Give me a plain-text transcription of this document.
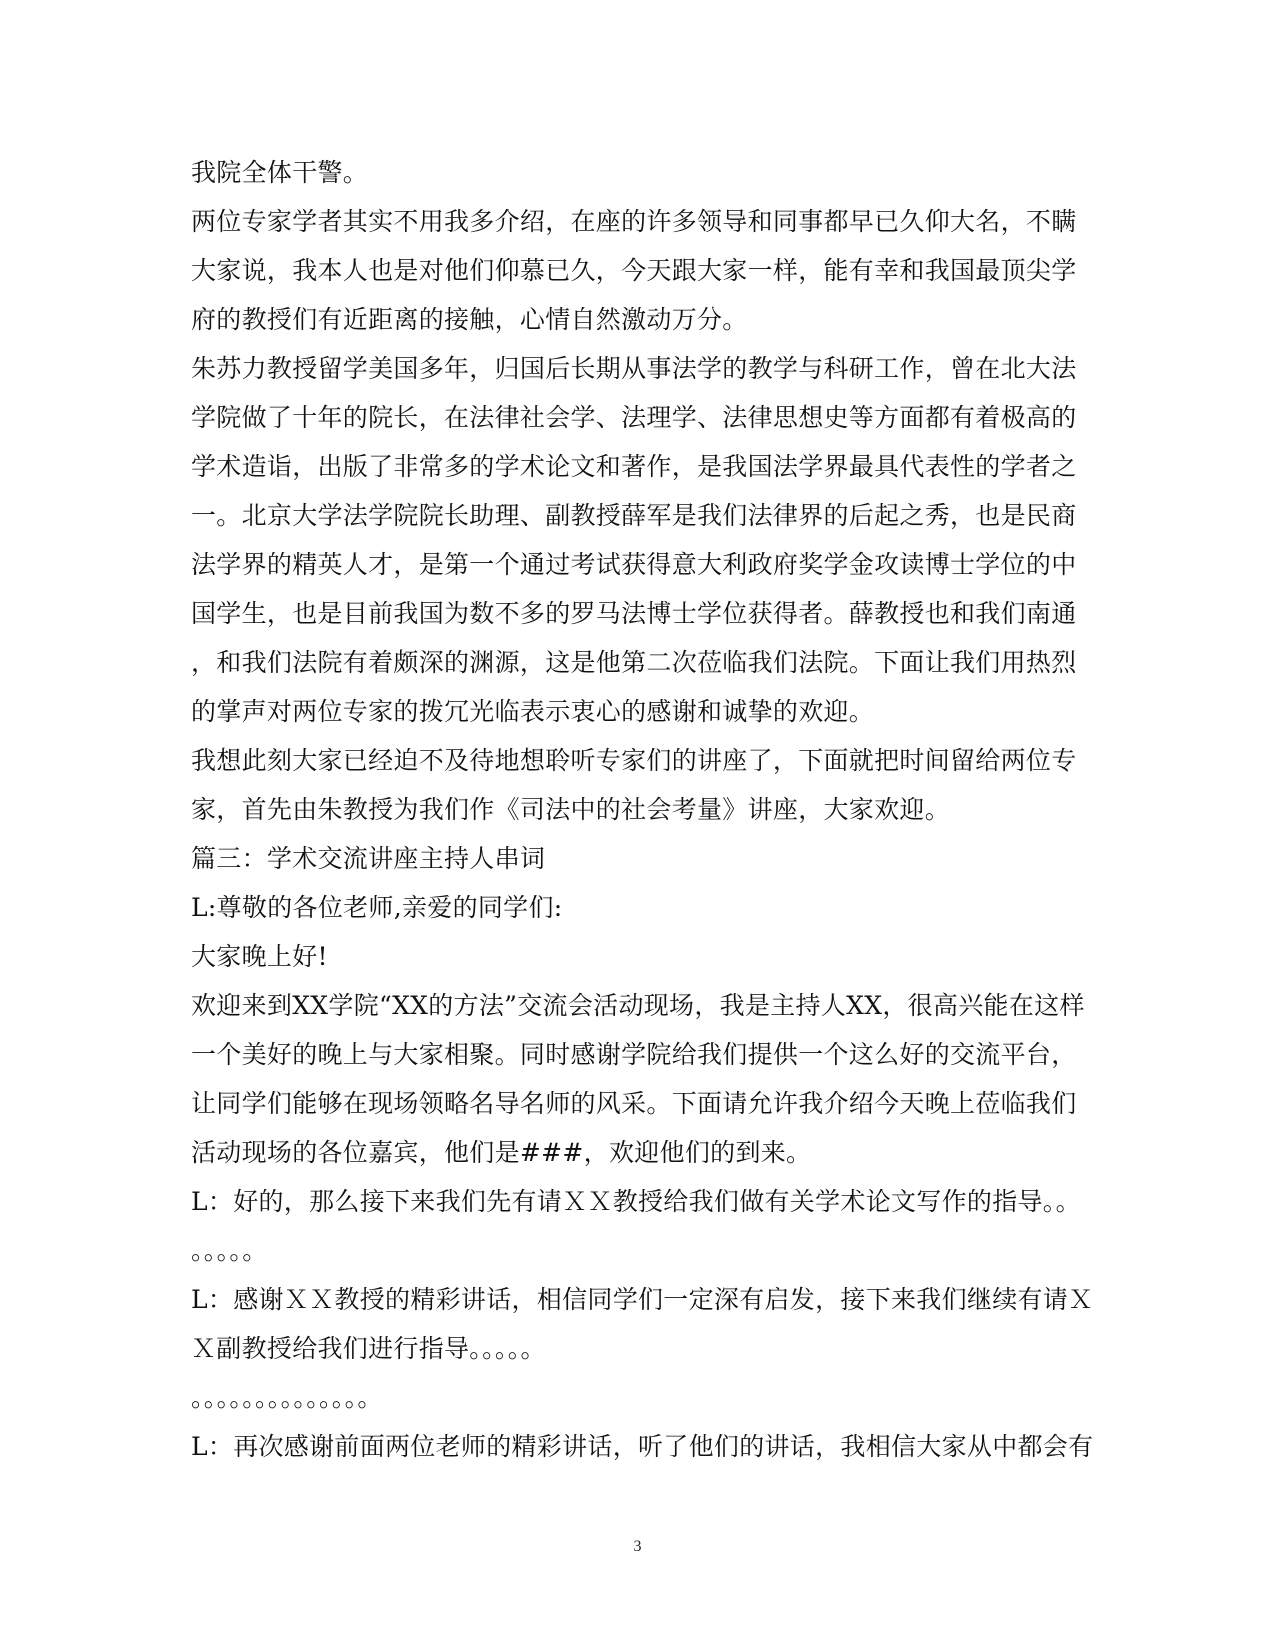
我院全体干警。
两位专家学者其实不用我多介绍，在座的许多领导和同事都早已久仰大名，不瞒
大家说，我本人也是对他们仰慕已久，今天跟大家一样，能有幸和我国最顶尖学
府的教授们有近距离的接触，心情自然激动万分。
朱苏力教授留学美国多年，归国后长期从事法学的教学与科研工作，曾在北大法
学院做了十年的院长，在法律社会学、法理学、法律思想史等方面都有着极高的
学术造诣，出版了非常多的学术论文和著作，是我国法学界最具代表性的学者之
一。北京大学法学院院长助理、副教授薛军是我们法律界的后起之秀，也是民商
法学界的精英人才，是第一个通过考试获得意大利政府奖学金攻读博士学位的中
国学生，也是目前我国为数不多的罗马法博士学位获得者。薛教授也和我们南通
，和我们法院有着颇深的渊源，这是他第二次莅临我们法院。下面让我们用热烈
的掌声对两位专家的拨冗光临表示衷心的感谢和诚挚的欢迎。
我想此刻大家已经迫不及待地想聆听专家们的讲座了，下面就把时间留给两位专
家，首先由朱教授为我们作《司法中的社会考量》讲座，大家欢迎。
篇三：学术交流讲座主持人串词
L:尊敬的各位老师,亲爱的同学们:
大家晚上好!
欢迎来到XX学院“XX的方法”交流会活动现场，我是主持人XX，很高兴能在这样
一个美好的晚上与大家相聚。同时感谢学院给我们提供一个这么好的交流平台，
让同学们能够在现场领略名导名师的风采。下面请允许我介绍今天晚上莅临我们
活动现场的各位嘉宾，他们是###，欢迎他们的到来。
L：好的，那么接下来我们先有请ＸＸ教授给我们做有关学术论文写作的指导。。
。。。。。
L：感谢ＸＸ教授的精彩讲话，相信同学们一定深有启发，接下来我们继续有请Ｘ
Ｘ副教授给我们进行指导。。。。。
。。。。。。。。。。。。。。
L：再次感谢前面两位老师的精彩讲话，听了他们的讲话，我相信大家从中都会有
3
